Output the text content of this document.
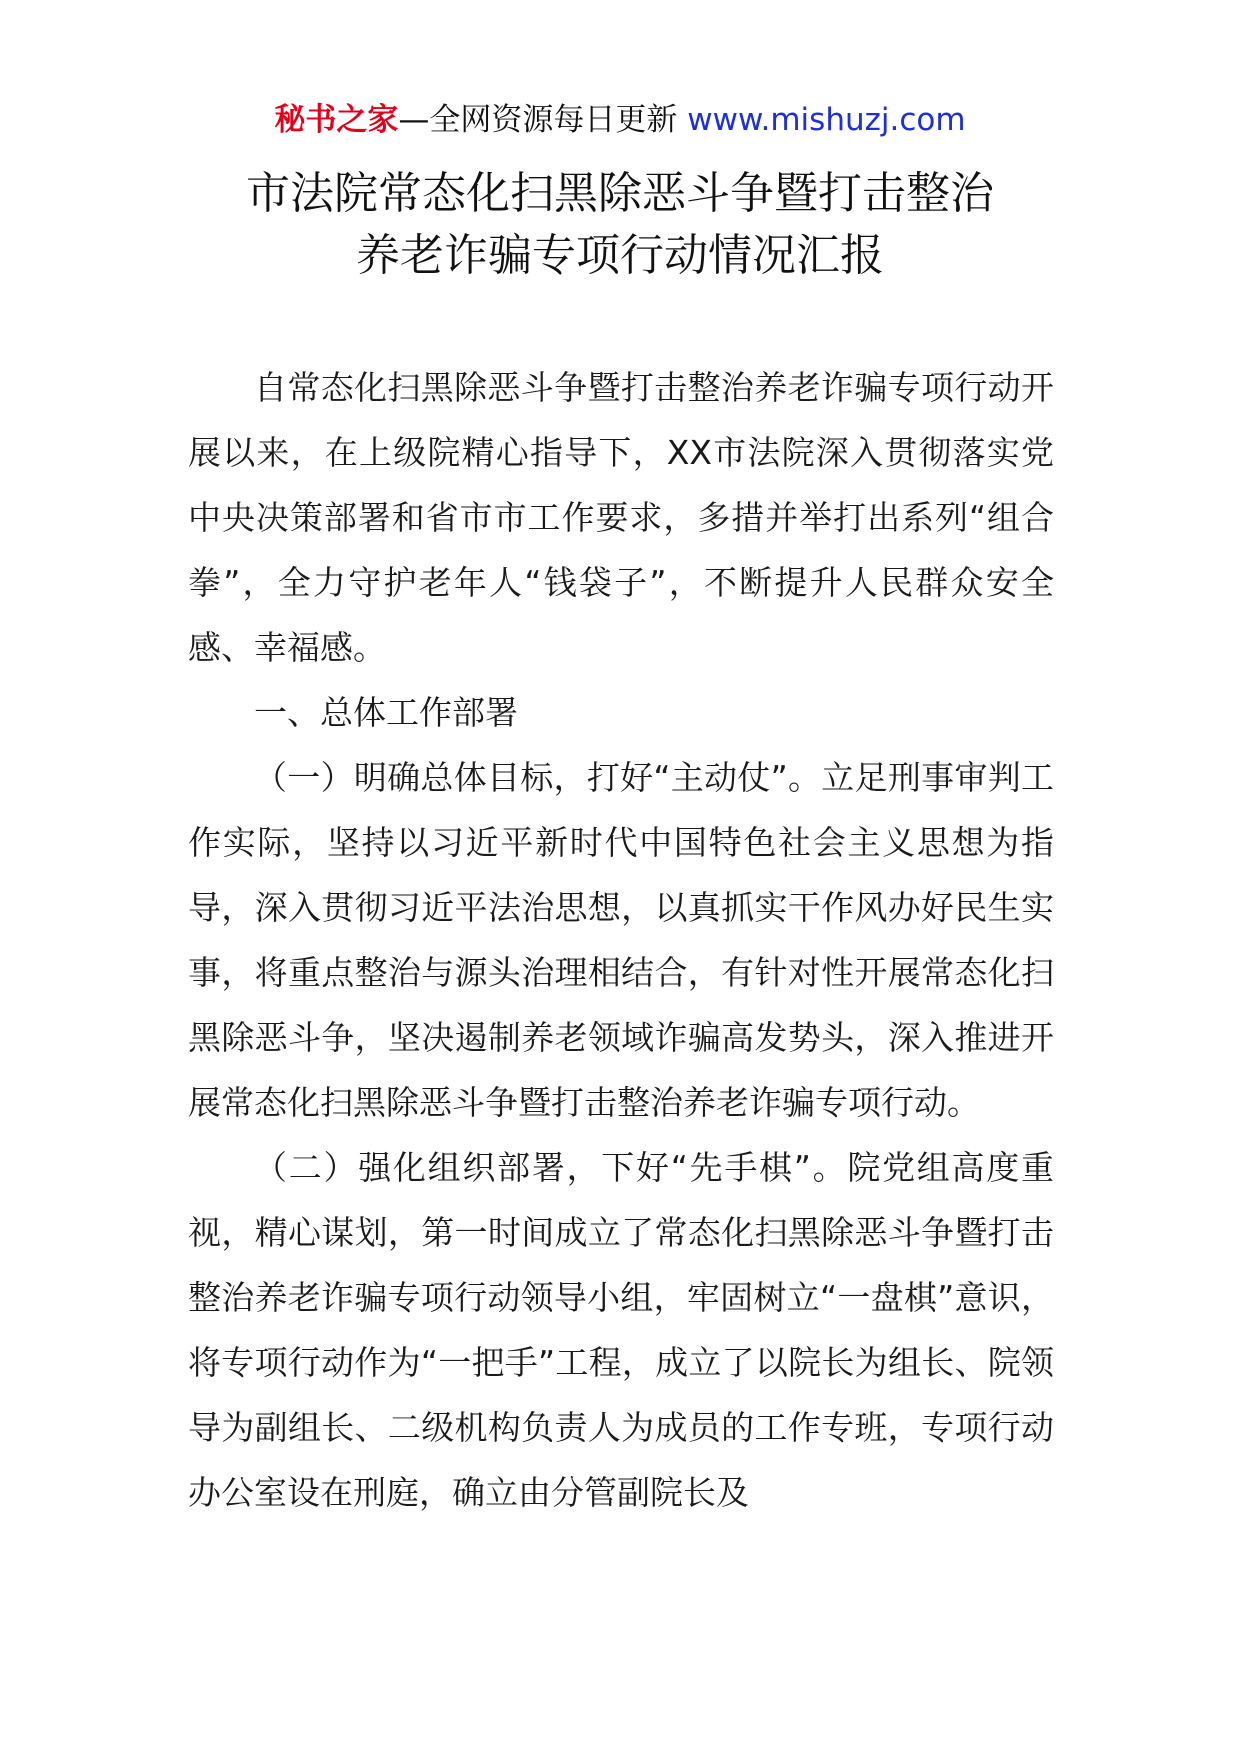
秘书之家—全网资源每日更新 www.mishuzj.com
市法院常态化扫黑除恶斗争暨打击整治
养老诈骗专项行动情况汇报

自常态化扫黑除恶斗争暨打击整治养老诈骗专项行动开展以来，在上级院精心指导下，XX市法院深入贯彻落实党中央决策部署和省市市工作要求，多措并举打出系列“组合拳”，全力守护老年人“钱袋子”，不断提升人民群众安全感、幸福感。

一、总体工作部署

（一）明确总体目标，打好“主动仗”。立足刑事审判工作实际，坚持以习近平新时代中国特色社会主义思想为指导，深入贯彻习近平法治思想，以真抓实干作风办好民生实事，将重点整治与源头治理相结合，有针对性开展常态化扫黑除恶斗争，坚决遏制养老领域诈骗高发势头，深入推进开展常态化扫黑除恶斗争暨打击整治养老诈骗专项行动。

（二）强化组织部署，下好“先手棋”。院党组高度重视，精心谋划，第一时间成立了常态化扫黑除恶斗争暨打击整治养老诈骗专项行动领导小组，牢固树立“一盘棋”意识，将专项行动作为“一把手”工程，成立了以院长为组长、院领导为副组长、二级机构负责人为成员的工作专班，专项行动办公室设在刑庭，确立由分管副院长及
